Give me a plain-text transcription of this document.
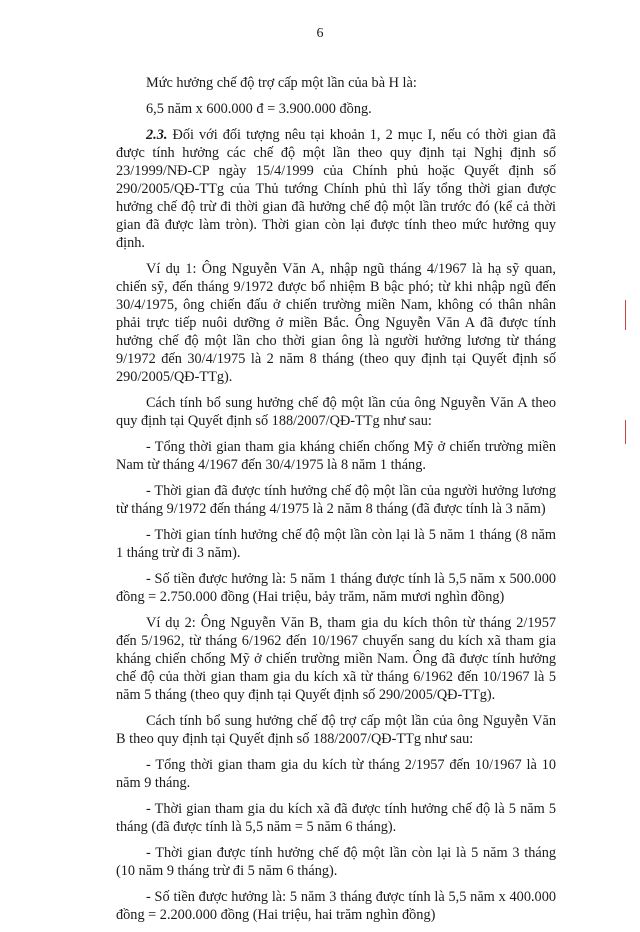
6

Mức hưởng chế độ trợ cấp một lần của bà H là:

6,5 năm x 600.000 đ = 3.900.000 đồng.

2.3. Đối với đối tượng nêu tại khoản 1, 2 mục I, nếu có thời gian đã được tính hưởng các chế độ một lần theo quy định tại Nghị định số 23/1999/NĐ-CP ngày 15/4/1999 của Chính phủ hoặc Quyết định số 290/2005/QĐ-TTg của Thủ tướng Chính phủ thì lấy tổng thời gian được hưởng chế độ trừ đi thời gian đã hưởng chế độ một lần trước đó (kể cả thời gian đã được làm tròn). Thời gian còn lại được tính theo mức hưởng quy định.

Ví dụ 1: Ông Nguyễn Văn A, nhập ngũ tháng 4/1967 là hạ sỹ quan, chiến sỹ, đến tháng 9/1972 được bổ nhiệm B bậc phó; từ khi nhập ngũ đến 30/4/1975, ông chiến đấu ở chiến trường miền Nam, không có thân nhân phải trực tiếp nuôi dưỡng ở miền Bắc. Ông Nguyễn Văn A đã được tính hưởng chế độ một lần cho thời gian ông là người hưởng lương từ tháng 9/1972 đến 30/4/1975 là 2 năm 8 tháng (theo quy định tại Quyết định số 290/2005/QĐ-TTg).

Cách tính bổ sung hưởng chế độ một lần của ông Nguyễn Văn A theo quy định tại Quyết định số 188/2007/QĐ-TTg như sau:

- Tổng thời gian tham gia kháng chiến chống Mỹ ở chiến trường miền Nam từ tháng 4/1967 đến 30/4/1975 là 8 năm 1 tháng.

- Thời gian đã được tính hưởng chế độ một lần của người hưởng lương từ tháng 9/1972 đến tháng 4/1975 là 2 năm 8 tháng (đã được tính là 3 năm)

- Thời gian tính hưởng chế độ một lần còn lại là 5 năm 1 tháng (8 năm 1 tháng trừ đi 3 năm).

- Số tiền được hưởng là: 5 năm 1 tháng được tính là 5,5 năm x 500.000 đồng = 2.750.000 đồng (Hai triệu, bảy trăm, năm mươi nghìn đồng)

Ví dụ 2: Ông Nguyễn Văn B, tham gia du kích thôn từ tháng 2/1957 đến 5/1962, từ tháng 6/1962 đến 10/1967 chuyển sang du kích xã tham gia kháng chiến chống Mỹ ở chiến trường miền Nam. Ông đã được tính hưởng chế độ của thời gian tham gia du kích xã từ tháng 6/1962 đến 10/1967 là 5 năm 5 tháng (theo quy định tại Quyết định số 290/2005/QĐ-TTg).

Cách tính bổ sung hưởng chế độ trợ cấp một lần của ông Nguyễn Văn B theo quy định tại Quyết định số 188/2007/QĐ-TTg như sau:

- Tổng thời gian tham gia du kích từ tháng 2/1957 đến 10/1967 là 10 năm 9 tháng.

- Thời gian tham gia du kích xã đã được tính hưởng chế độ là 5 năm 5 tháng (đã được tính là 5,5 năm = 5 năm 6 tháng).

- Thời gian được tính hưởng chế độ một lần còn lại là 5 năm 3 tháng (10 năm 9 tháng trừ đi 5 năm 6 tháng).

- Số tiền được hưởng là: 5 năm 3 tháng được tính là 5,5 năm x 400.000 đồng = 2.200.000 đồng (Hai triệu, hai trăm nghìn đồng)
